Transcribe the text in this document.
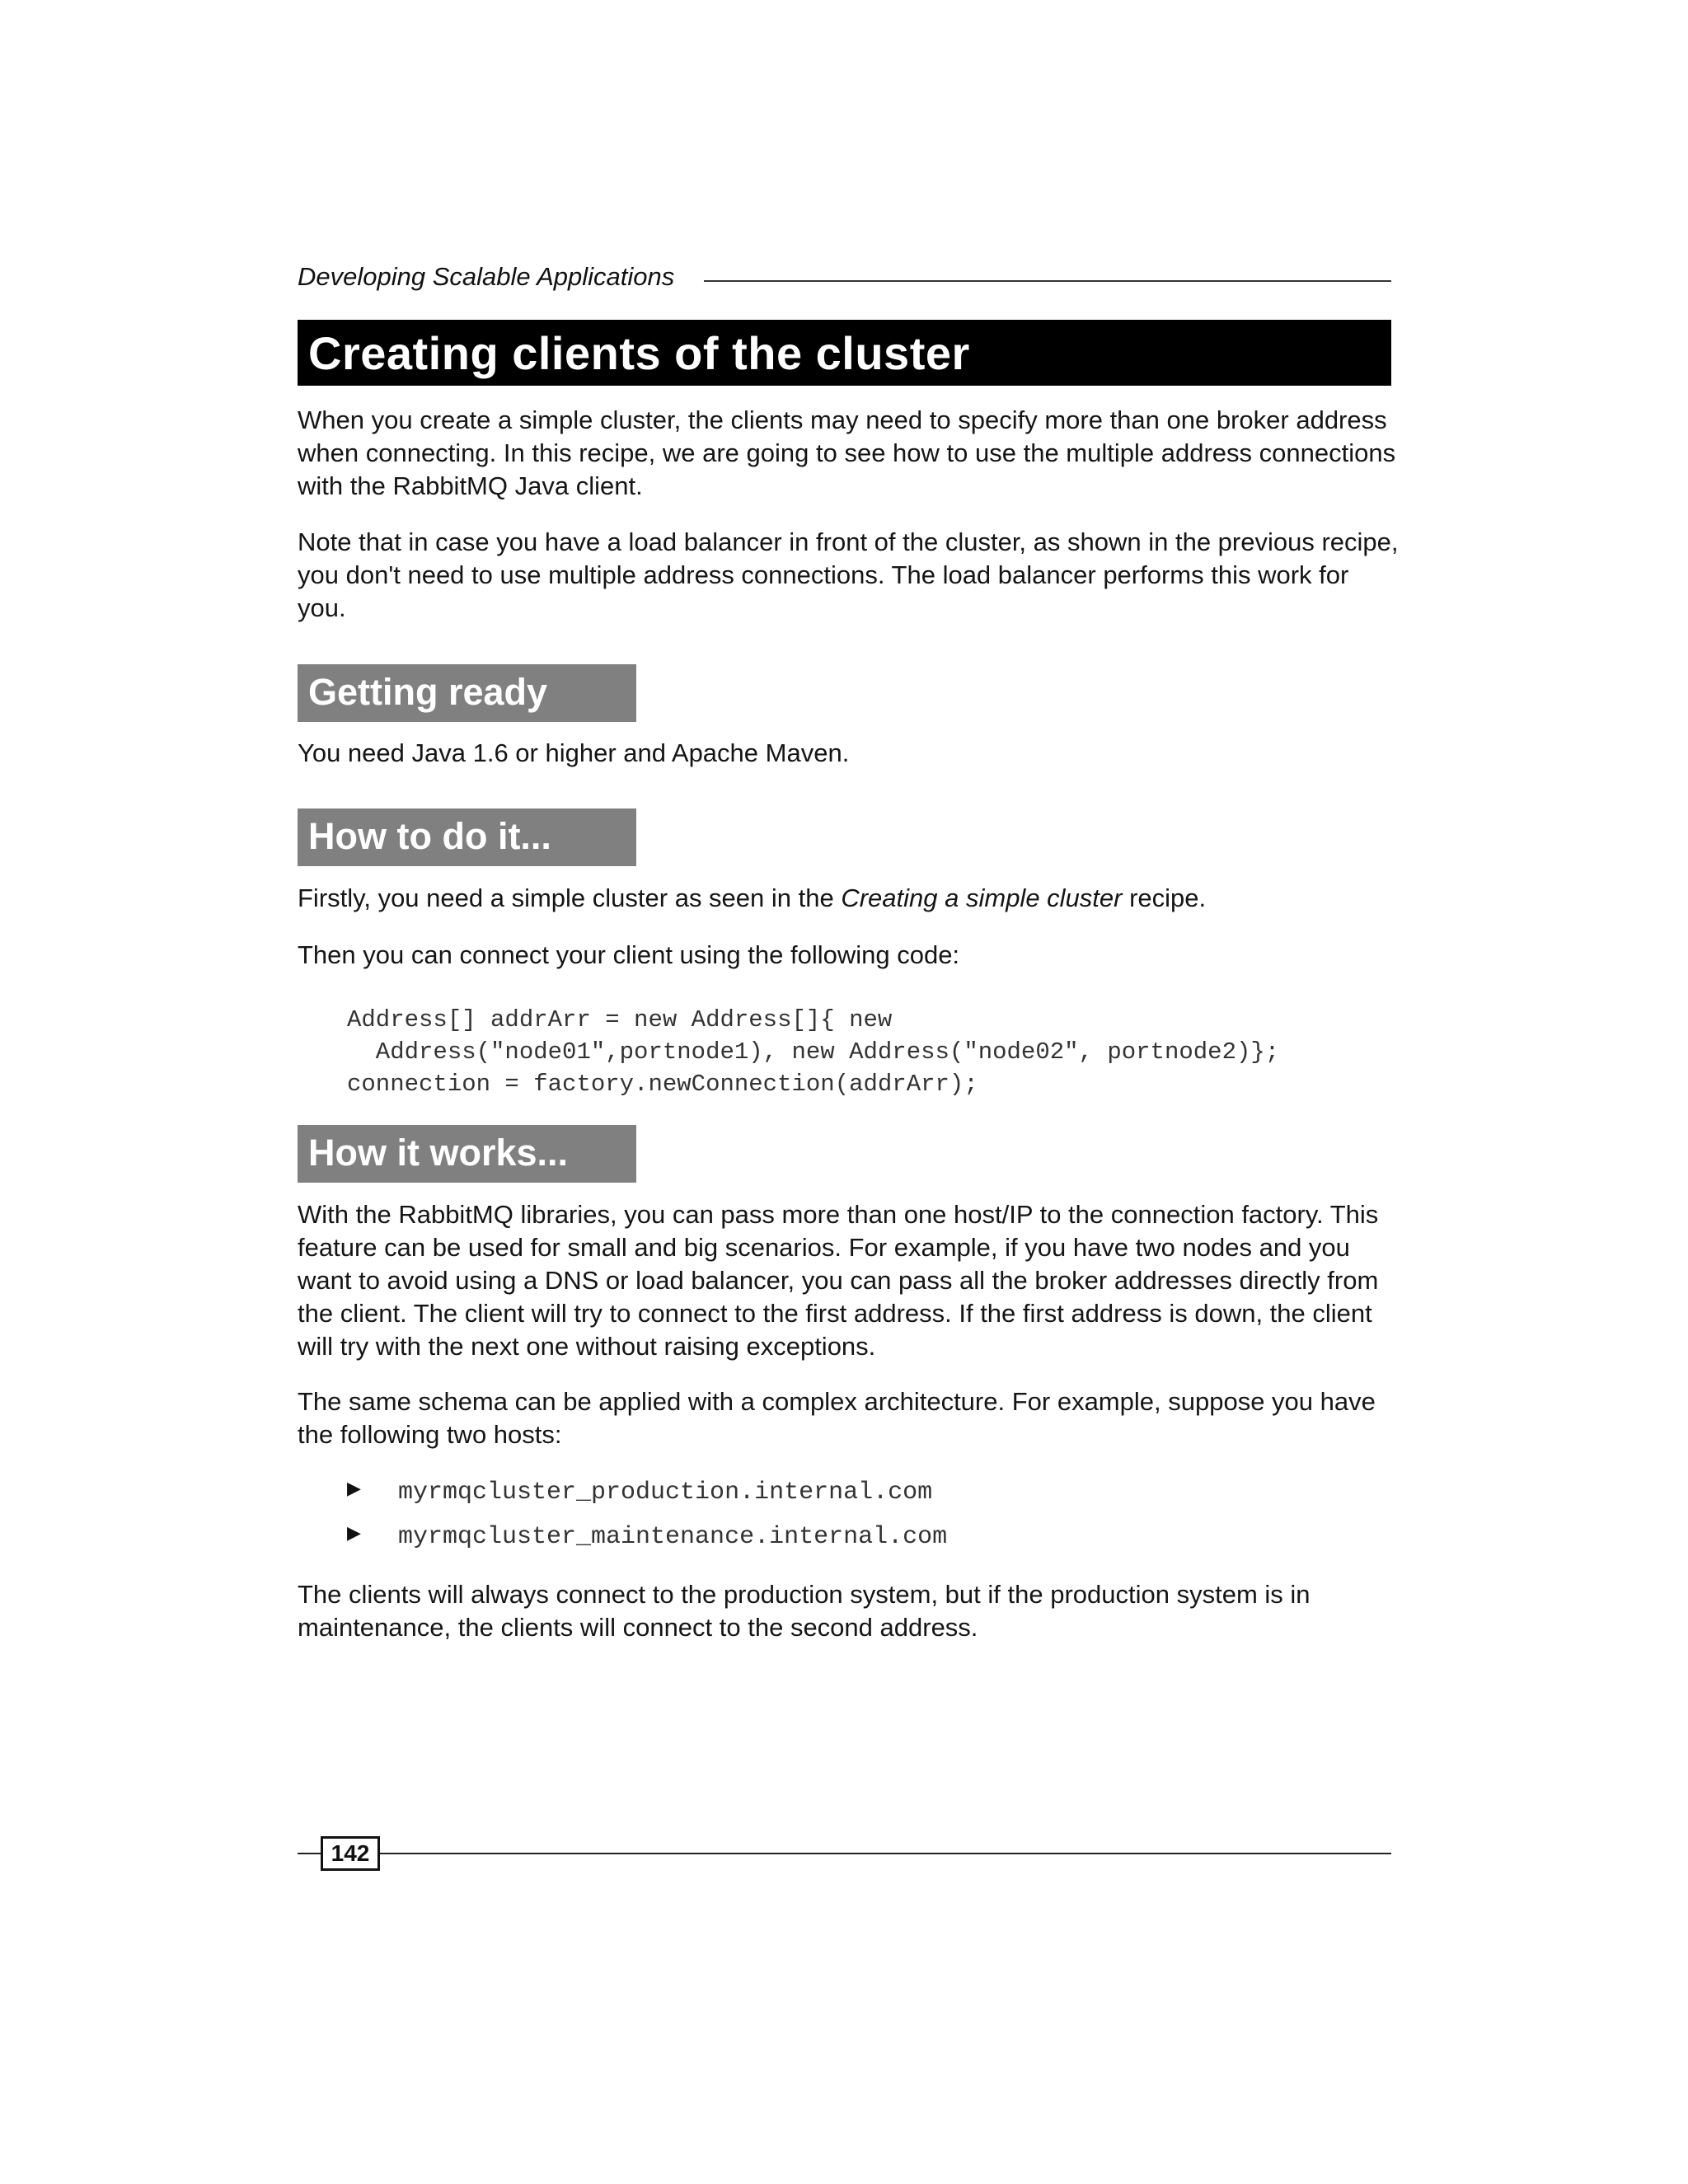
Developing Scalable Applications
Creating clients of the cluster

When you create a simple cluster, the clients may need to specify more than one broker address when connecting. In this recipe, we are going to see how to use the multiple address connections with the RabbitMQ Java client.

Note that in case you have a load balancer in front of the cluster, as shown in the previous recipe, you don't need to use multiple address connections. The load balancer performs this work for you.

Getting ready

You need Java 1.6 or higher and Apache Maven.

How to do it...

Firstly, you need a simple cluster as seen in the Creating a simple cluster recipe.

Then you can connect your client using the following code:

Address[] addrArr = new Address[]{ new
Address("node01",portnode1), new Address("node02", portnode2)};
connection = factory.newConnection(addrArr);
How it works...

With the RabbitMQ libraries, you can pass more than one host/IP to the connection factory. This feature can be used for small and big scenarios. For example, if you have two nodes and you want to avoid using a DNS or load balancer, you can pass all the broker addresses directly from the client. The client will try to connect to the first address. If the first address is down, the client will try with the next one without raising exceptions.

The same schema can be applied with a complex architecture. For example, suppose you have the following two hosts:

▶ myrmqcluster_production.internal.com
▶ myrmqcluster_maintenance.internal.com

The clients will always connect to the production system, but if the production system is in maintenance, the clients will connect to the second address.

142
